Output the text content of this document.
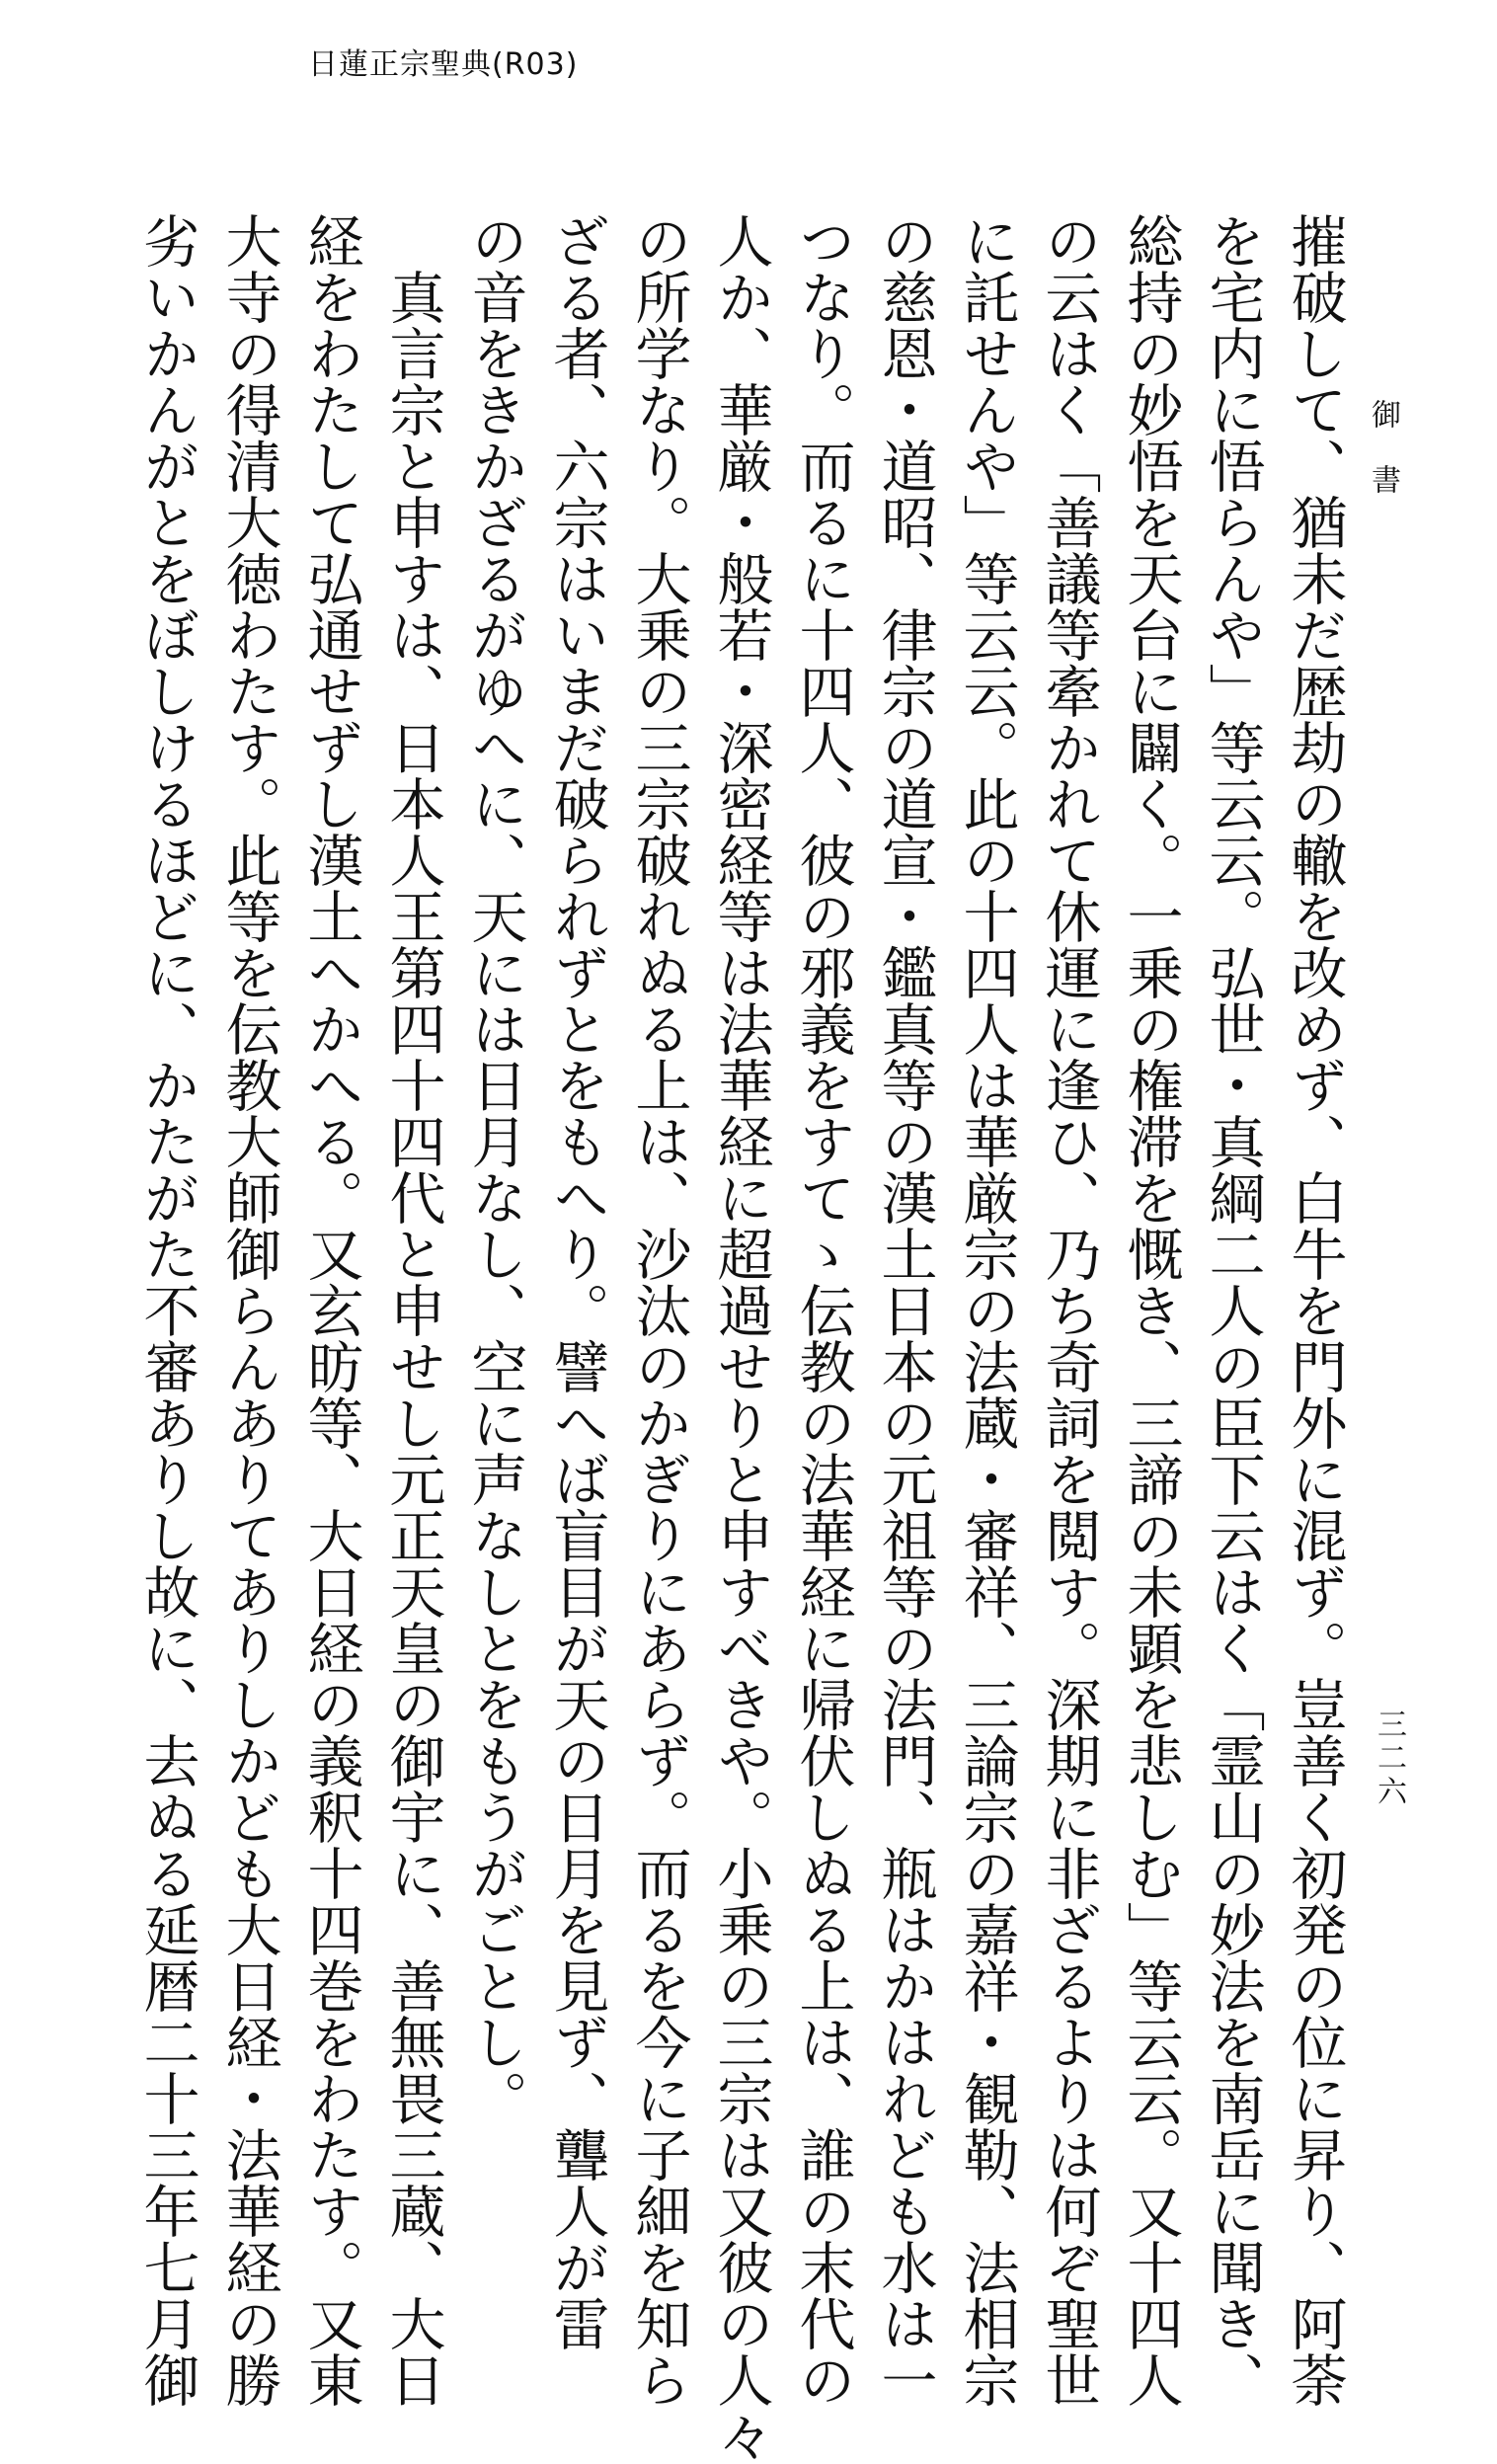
日蓮正宗聖典(R03)
御書
三二六
摧破して、猶未だ歴劫の轍を改めず、白牛を門外に混ず。豈善く初発の位に昇り、阿荼
を宅内に悟らんや」等云云。弘世・真綱二人の臣下云はく「霊山の妙法を南岳に聞き、
総持の妙悟を天台に闢く。一乗の権滞を慨き、三諦の未顕を悲しむ」等云云。又十四人
の云はく「善議等牽かれて休運に逢ひ、乃ち奇詞を閲す。深期に非ざるよりは何ぞ聖世
に託せんや」等云云。此の十四人は華厳宗の法蔵・審祥、三論宗の嘉祥・観勒、法相宗
の慈恩・道昭、律宗の道宣・鑑真等の漢土日本の元祖等の法門、瓶はかはれども水は一
つなり。而るに十四人、彼の邪義をすてゝ伝教の法華経に帰伏しぬる上は、誰の末代の
人か、華厳・般若・深密経等は法華経に超過せりと申すべきや。小乗の三宗は又彼の人々
の所学なり。大乗の三宗破れぬる上は、沙汰のかぎりにあらず。而るを今に子細を知ら
ざる者、六宗はいまだ破られずとをもへり。譬へば盲目が天の日月を見ず、聾人が雷
の音をきかざるがゆへに、天には日月なし、空に声なしとをもうがごとし。
真言宗と申すは、日本人王第四十四代と申せし元正天皇の御宇に、善無畏三蔵、大日
経をわたして弘通せずし漢土へかへる。又玄昉等、大日経の義釈十四巻をわたす。又東
大寺の得清大徳わたす。此等を伝教大師御らんありてありしかども大日経・法華経の勝
劣いかんがとをぼしけるほどに、かたがた不審ありし故に、去ぬる延暦二十三年七月御
